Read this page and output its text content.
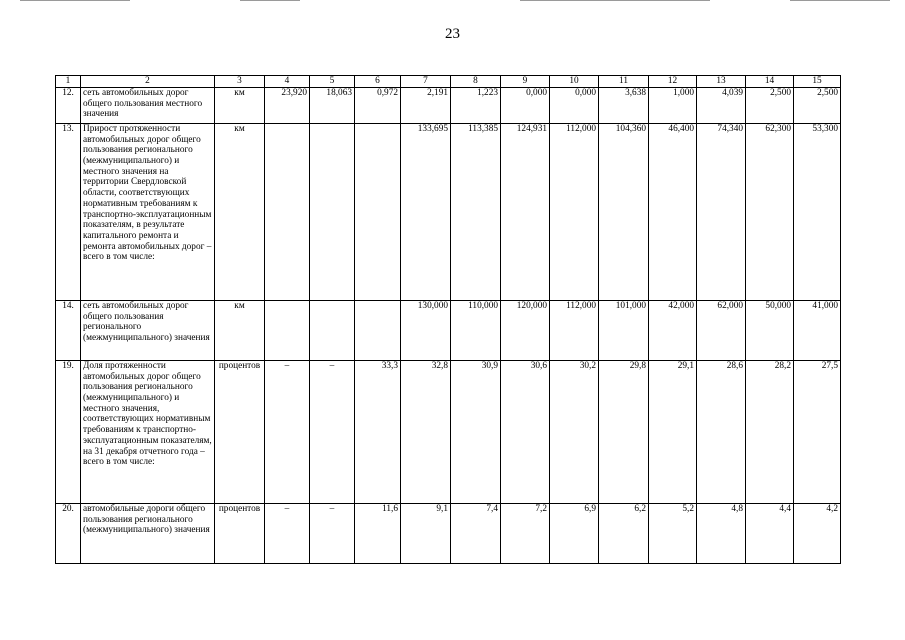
23
1	2	3	4	5	6	7	8	9	10	11	12	13	14	15
12.	сеть автомобильных дорог общего пользования местного значения	км	23,920	18,063	0,972	2,191	1,223	0,000	0,000	3,638	1,000	4,039	2,500	2,500
13.	Прирост протяженности автомобильных дорог общего пользования регионального (межмуниципального) и местного значения на территории Свердловской области, соответствующих нормативным требованиям к транспортно-эксплуатационным показателям, в результате капитального ремонта и ремонта автомобильных дорог – всего в том числе:	км				133,695	113,385	124,931	112,000	104,360	46,400	74,340	62,300	53,300
14.	сеть автомобильных дорог общего пользования регионального (межмуниципального) значения	км				130,000	110,000	120,000	112,000	101,000	42,000	62,000	50,000	41,000
19.	Доля протяженности автомобильных дорог общего пользования регионального (межмуниципального) и местного значения, соответствующих нормативным требованиям к транспортно-эксплуатационным показателям, на 31 декабря отчетного года – всего в том числе:	процентов	–	–	33,3	32,8	30,9	30,6	30,2	29,8	29,1	28,6	28,2	27,5
20.	автомобильные дороги общего пользования регионального (межмуниципального) значения	процентов	–	–	11,6	9,1	7,4	7,2	6,9	6,2	5,2	4,8	4,4	4,2
